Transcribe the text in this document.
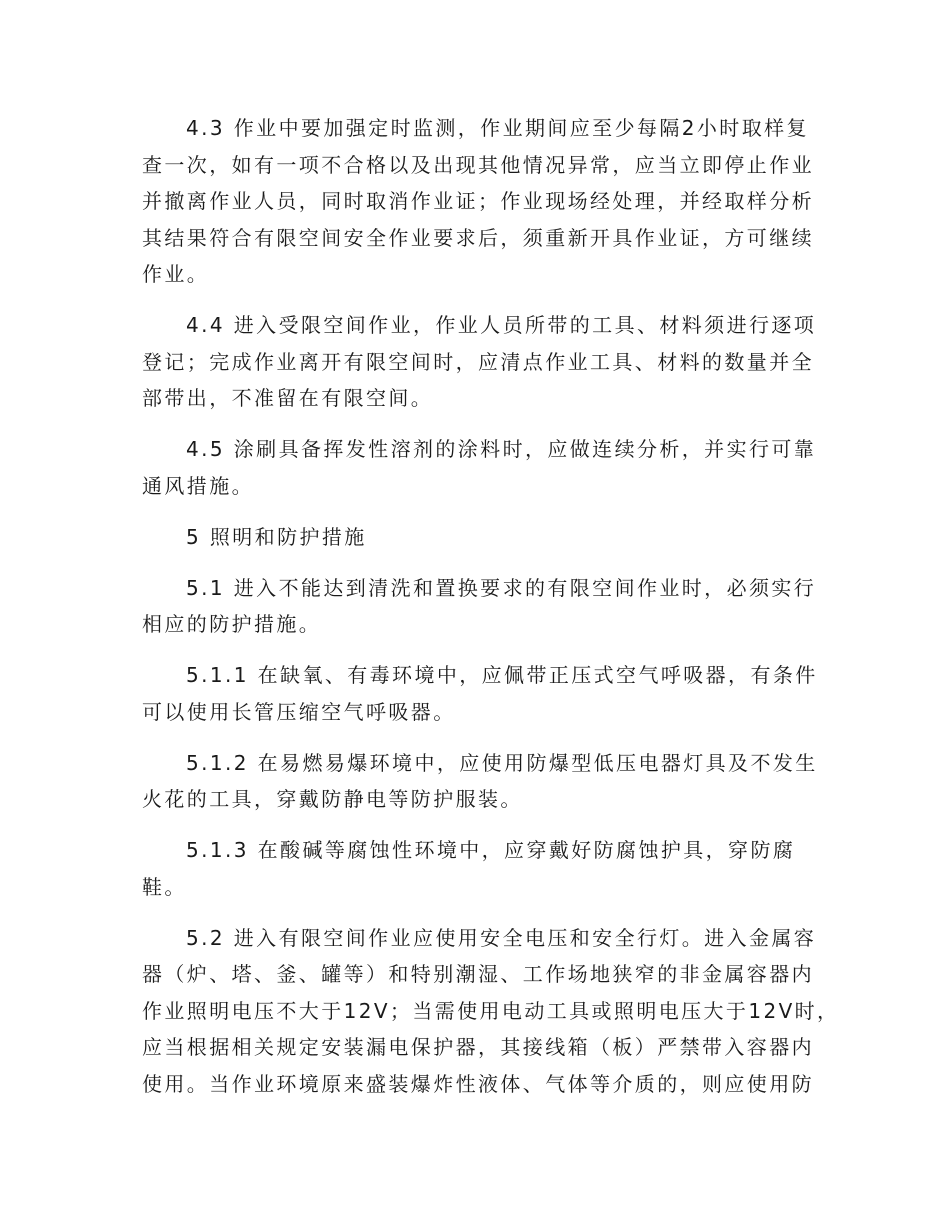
4.3 作业中要加强定时监测，作业期间应至少每隔2小时取样复
查一次，如有一项不合格以及出现其他情况异常，应当立即停止作业
并撤离作业人员，同时取消作业证；作业现场经处理，并经取样分析
其结果符合有限空间安全作业要求后，须重新开具作业证，方可继续
作业。
4.4 进入受限空间作业，作业人员所带的工具、材料须进行逐项
登记；完成作业离开有限空间时，应清点作业工具、材料的数量并全
部带出，不准留在有限空间。
4.5 涂刷具备挥发性溶剂的涂料时，应做连续分析，并实行可靠
通风措施。
5 照明和防护措施
5.1 进入不能达到清洗和置换要求的有限空间作业时，必须实行
相应的防护措施。
5.1.1 在缺氧、有毒环境中，应佩带正压式空气呼吸器，有条件
可以使用长管压缩空气呼吸器。
5.1.2 在易燃易爆环境中，应使用防爆型低压电器灯具及不发生
火花的工具，穿戴防静电等防护服装。
5.1.3 在酸碱等腐蚀性环境中，应穿戴好防腐蚀护具，穿防腐
鞋。
5.2 进入有限空间作业应使用安全电压和安全行灯。进入金属容
器（炉、塔、釜、罐等）和特别潮湿、工作场地狭窄的非金属容器内
作业照明电压不大于12V；当需使用电动工具或照明电压大于12V时，
应当根据相关规定安装漏电保护器，其接线箱（板）严禁带入容器内
使用。当作业环境原来盛装爆炸性液体、气体等介质的，则应使用防
